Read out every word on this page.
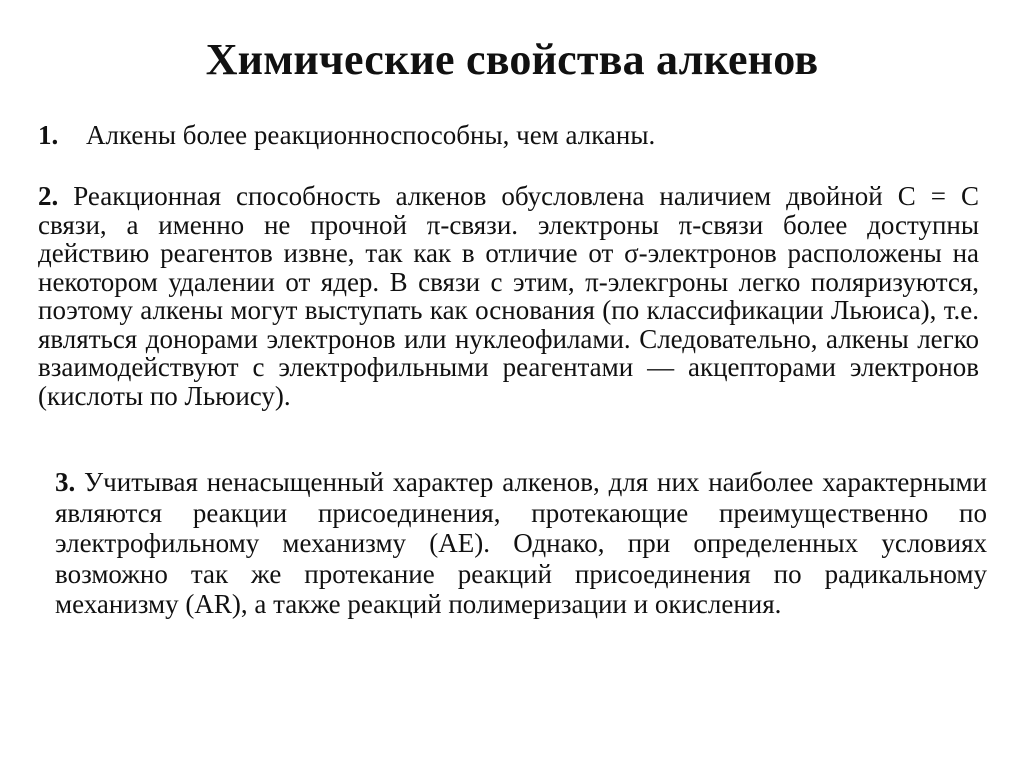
Химические свойства алкенов

1. Алкены более реакционноспособны, чем алканы.

2. Реакционная способность алкенов обусловлена наличием двойной С = С связи, а именно не прочной π-связи. электроны π-связи более доступны действию реагентов извне, так как в отличие от σ-электронов расположены на некотором удалении от ядер. В связи с этим, π-элекгроны легко поляризуются, поэтому алкены могут выступать как основания (по классификации Льюиса), т.е. являться донорами электронов или нуклеофилами. Следовательно, алкены легко взаимодействуют с электрофильными реагентами — акцепторами электронов (кислоты по Льюису).

3. Учитывая ненасыщенный характер алкенов, для них наиболее характерными являются реакции присоединения, протекающие преимущественно по электрофильному механизму (АЕ). Однако, при определенных условиях возможно так же протекание реакций присоединения по радикальному механизму (AR), а также реакций полимеризации и окисления.
